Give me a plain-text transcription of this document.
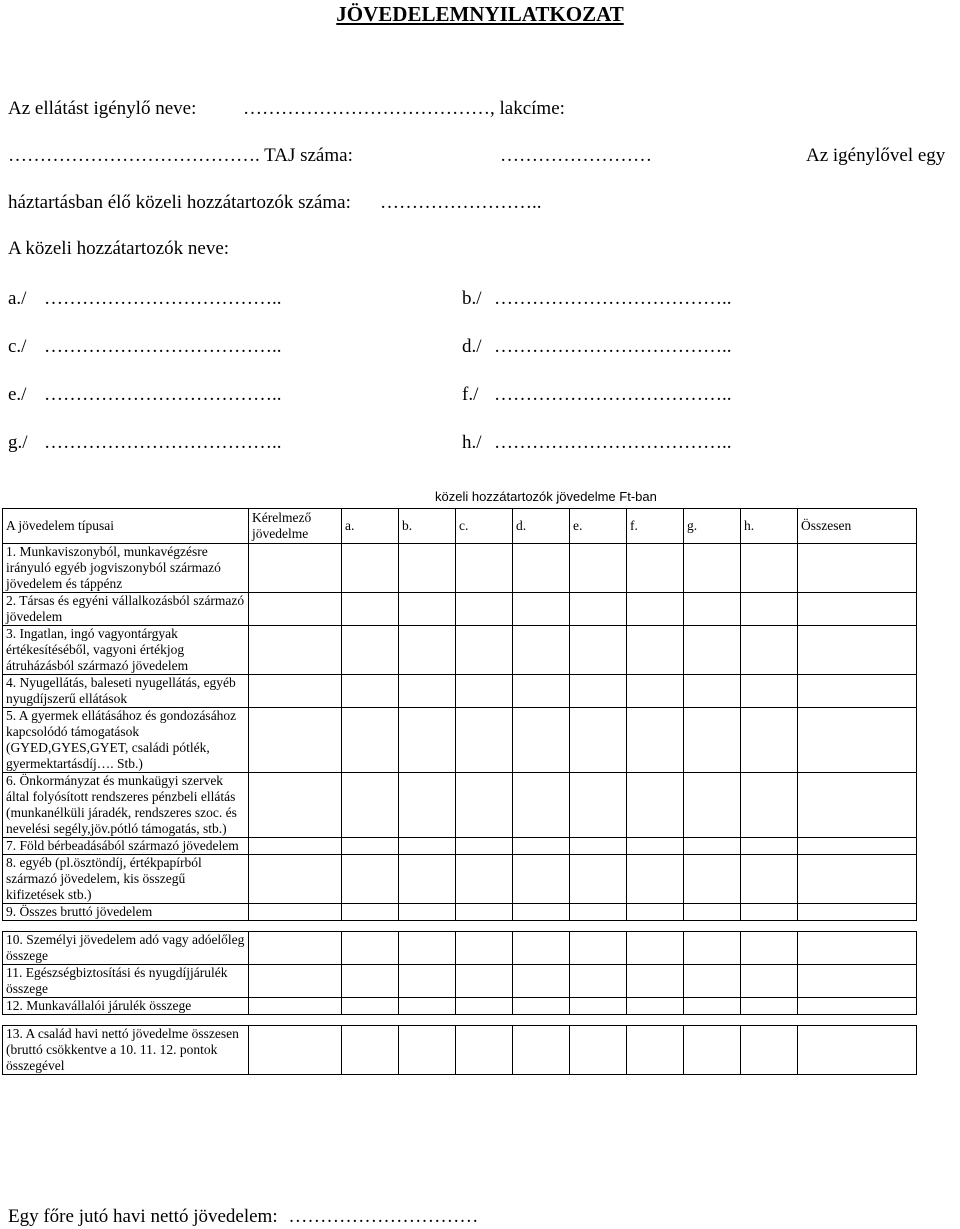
JÖVEDELEMNYILATKOZAT
Az ellátást igénylő neve: …………………………………, lakcíme:
…………………………………. TAJ száma:	……………………	Az igénylővel egy
háztartásban élő közeli hozzátartozók száma: ……………………..
A közeli hozzátartozók neve:
a./ ………………………………..	b./ ………………………………..
c./ ………………………………..	d./ ………………………………..
e./ ………………………………..	f./ ………………………………..
g./ ………………………………..	h./ ………………………………..
közeli hozzátartozók jövedelme Ft-ban
A jövedelem típusai	Kérelmező jövedelme	a.	b.	c.	d.	e.	f.	g.	h.	Összesen
1. Munkaviszonyból, munkavégzésre irányuló egyéb jogviszonyból származó jövedelem és táppénz										
2. Társas és egyéni vállalkozásból származó jövedelem										
3. Ingatlan, ingó vagyontárgyak értékesítéséből, vagyoni értékjog átruházásból származó jövedelem										
4. Nyugellátás, baleseti nyugellátás, egyéb nyugdíjszerű ellátások										
5. A gyermek ellátásához és gondozásához kapcsolódó támogatások (GYED,GYES,GYET, családi pótlék, gyermektartásdíj…. Stb.)										
6. Önkormányzat és munkaügyi szervek által folyósított rendszeres pénzbeli ellátás (munkanélküli járadék, rendszeres szoc. és nevelési segély,jöv.pótló támogatás, stb.)										
7. Föld bérbeadásából származó jövedelem										
8. egyéb (pl.ösztöndíj, értékpapírból származó jövedelem, kis összegű kifizetések stb.)										
9. Összes bruttó jövedelem										

10. Személyi jövedelem adó vagy adóelőleg összege										
11. Egészségbiztosítási és nyugdíjjárulék összege										
12. Munkavállalói járulék összege										

13. A család havi nettó jövedelme összesen (bruttó csökkentve a 10. 11. 12. pontok összegével										
Egy főre jutó havi nettó jövedelem: …………………………
